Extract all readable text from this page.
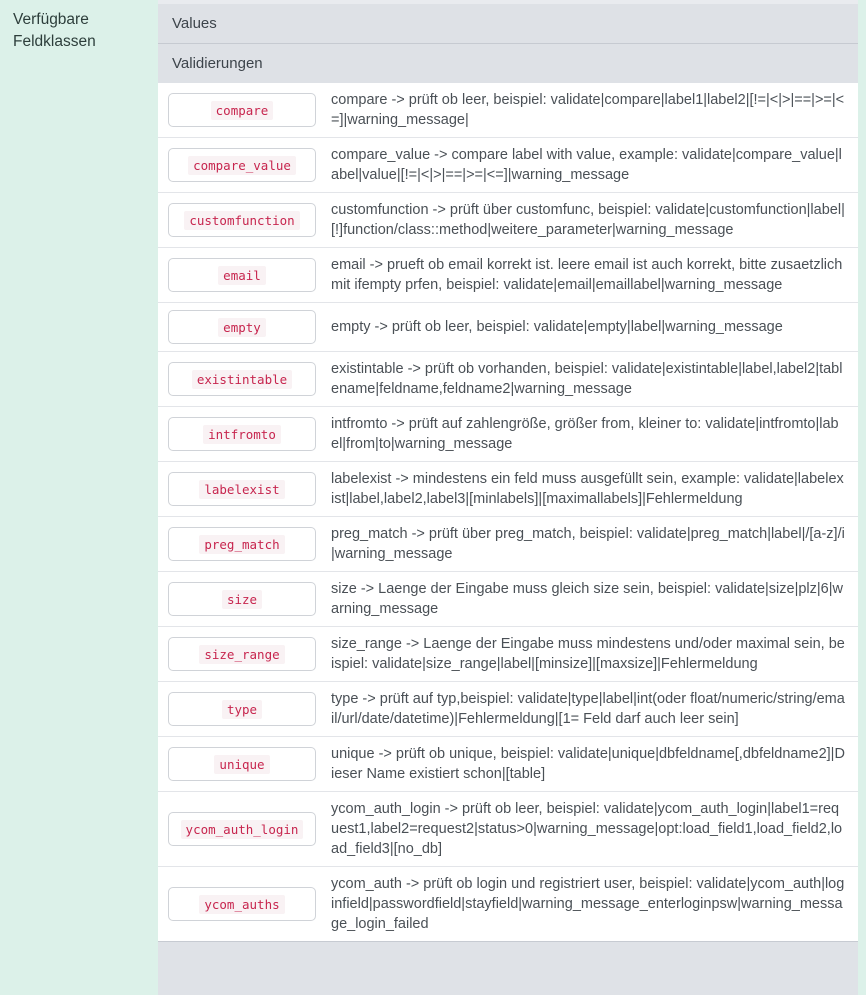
Verfügbare Feldklassen
Values
Validierungen
compare
compare -> prüft ob leer, beispiel: validate|compare|label1|label2|[!=|<|>|==|>=|<=]|warning_message|
compare_value
compare_value -> compare label with value, example: validate|compare_value|label|value|[!=|<|>|==|>=|<=]|warning_message
customfunction
customfunction -> prüft über customfunc, beispiel: validate|customfunction|label|[!]function/class::method|weitere_parameter|warning_message
email
email -> prueft ob email korrekt ist. leere email ist auch korrekt, bitte zusaetzlich mit ifempty prfen, beispiel: validate|email|emaillabel|warning_message
empty	empty -> prüft ob leer, beispiel: validate|empty|label|warning_message
existintable
existintable -> prüft ob vorhanden, beispiel: validate|existintable|label,label2|tablename|feldname,feldname2|warning_message
intfromto
intfromto -> prüft auf zahlengröße, größer from, kleiner to: validate|intfromto|label|from|to|warning_message
labelexist
labelexist -> mindestens ein feld muss ausgefüllt sein, example: validate|labelexist|label,label2,label3|[minlabels]|[maximallabels]|Fehlermeldung
preg_match
preg_match -> prüft über preg_match, beispiel: validate|preg_match|label|/[a-z]/i|warning_message
size
size -> Laenge der Eingabe muss gleich size sein, beispiel: validate|size|plz|6|warning_message
size_range
size_range -> Laenge der Eingabe muss mindestens und/oder maximal sein, beispiel: validate|size_range|label|[minsize]|[maxsize]|Fehlermeldung
type
type -> prüft auf typ,beispiel: validate|type|label|int(oder float/numeric/string/email/url/date/datetime)|Fehlermeldung|[1= Feld darf auch leer sein]
unique
unique -> prüft ob unique, beispiel: validate|unique|dbfeldname[,dbfeldname2]|Dieser Name existiert schon|[table]
ycom_auth_login
ycom_auth_login -> prüft ob leer, beispiel: validate|ycom_auth_login|label1=request1,label2=request2|status>0|warning_message|opt:load_field1,load_field2,load_field3|[no_db]
ycom_auths
ycom_auth -> prüft ob login und registriert user, beispiel: validate|ycom_auth|loginfield|passwordfield|stayfield|warning_message_enterloginpsw|warning_message_login_failed
